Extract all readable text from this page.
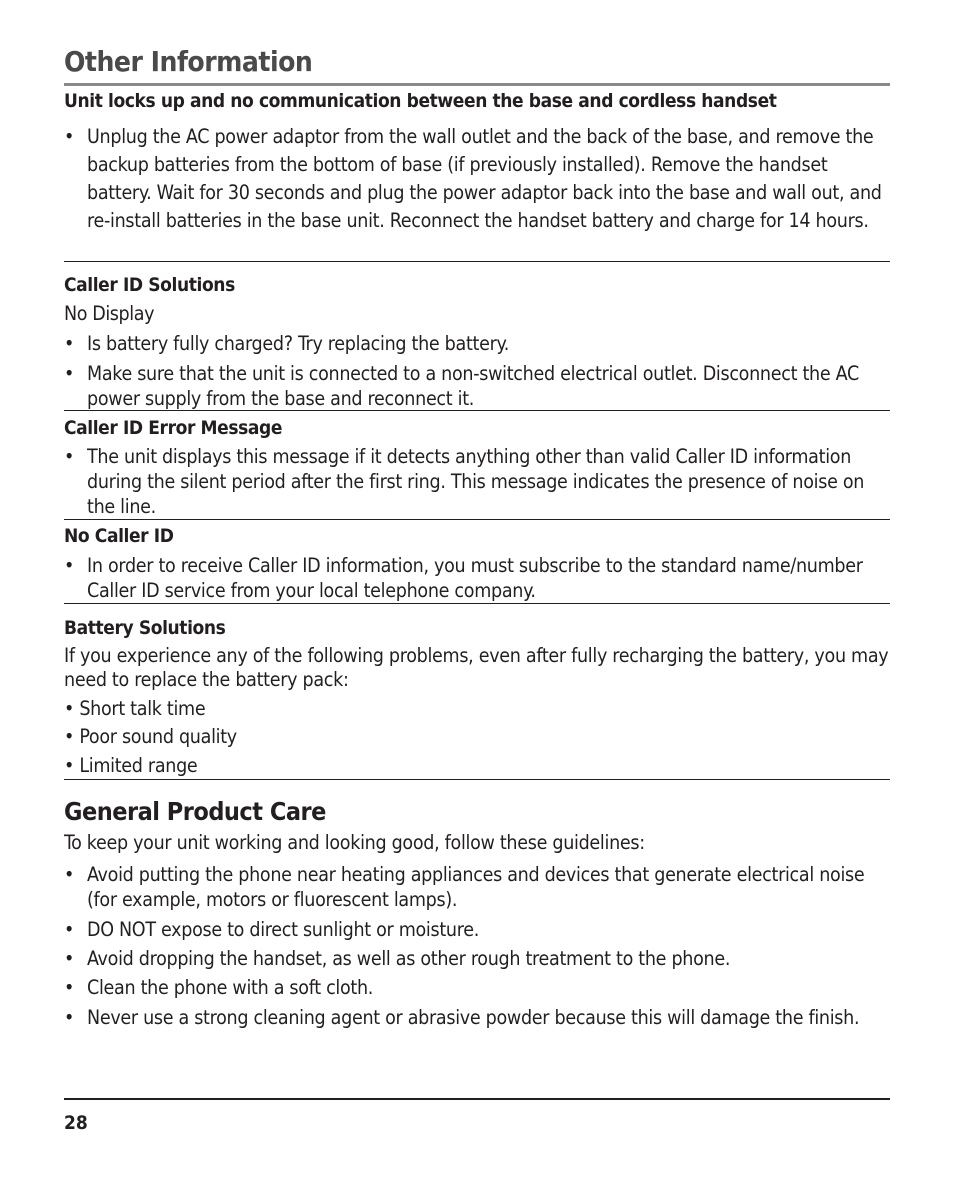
Other Information
Unit locks up and no communication between the base and cordless handset
• Unplug the AC power adaptor from the wall outlet and the back of the base, and remove the backup batteries from the bottom of base (if previously installed). Remove the handset battery. Wait for 30 seconds and plug the power adaptor back into the base and wall out, and re-install batteries in the base unit. Reconnect the handset battery and charge for 14 hours.
Caller ID Solutions
No Display
• Is battery fully charged? Try replacing the battery.
• Make sure that the unit is connected to a non-switched electrical outlet. Disconnect the AC power supply from the base and reconnect it.
Caller ID Error Message
• The unit displays this message if it detects anything other than valid Caller ID information during the silent period after the first ring. This message indicates the presence of noise on the line.
No Caller ID
• In order to receive Caller ID information, you must subscribe to the standard name/number Caller ID service from your local telephone company.
Battery Solutions
If you experience any of the following problems, even after fully recharging the battery, you may need to replace the battery pack:
• Short talk time
• Poor sound quality
• Limited range
General Product Care
To keep your unit working and looking good, follow these guidelines:
• Avoid putting the phone near heating appliances and devices that generate electrical noise (for example, motors or fluorescent lamps).
• DO NOT expose to direct sunlight or moisture.
• Avoid dropping the handset, as well as other rough treatment to the phone.
• Clean the phone with a soft cloth.
• Never use a strong cleaning agent or abrasive powder because this will damage the finish.
28
